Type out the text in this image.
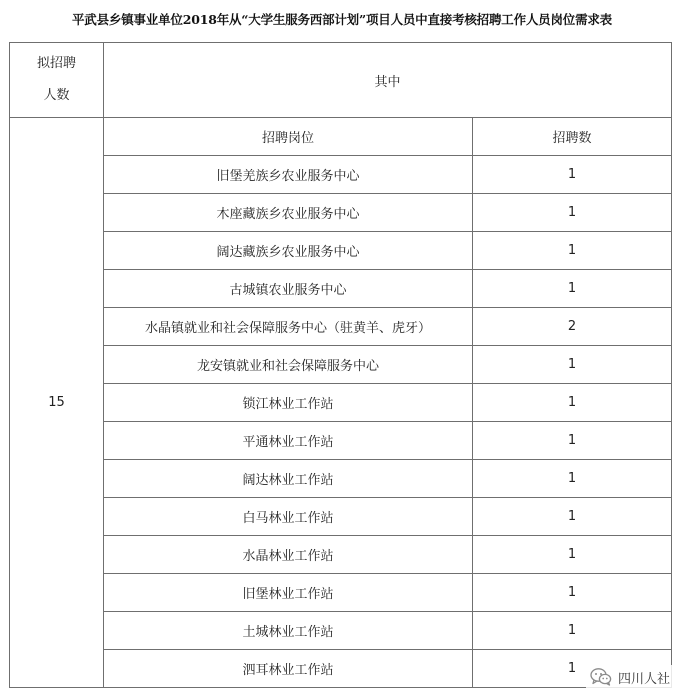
平武县乡镇事业单位2018年从“大学生服务西部计划”项目人员中直接考核招聘工作人员岗位需求表
拟招聘
人数	其中	
15	招聘岗位	招聘数
	旧堡羌族乡农业服务中心	1
	木座藏族乡农业服务中心	1
	阔达藏族乡农业服务中心	1
	古城镇农业服务中心	1
	水晶镇就业和社会保障服务中心（驻黄羊、虎牙）	2
	龙安镇就业和社会保障服务中心	1
	锁江林业工作站	1
	平通林业工作站	1
	阔达林业工作站	1
	白马林业工作站	1
	水晶林业工作站	1
	旧堡林业工作站	1
	土城林业工作站	1
	泗耳林业工作站	1
四川人社
